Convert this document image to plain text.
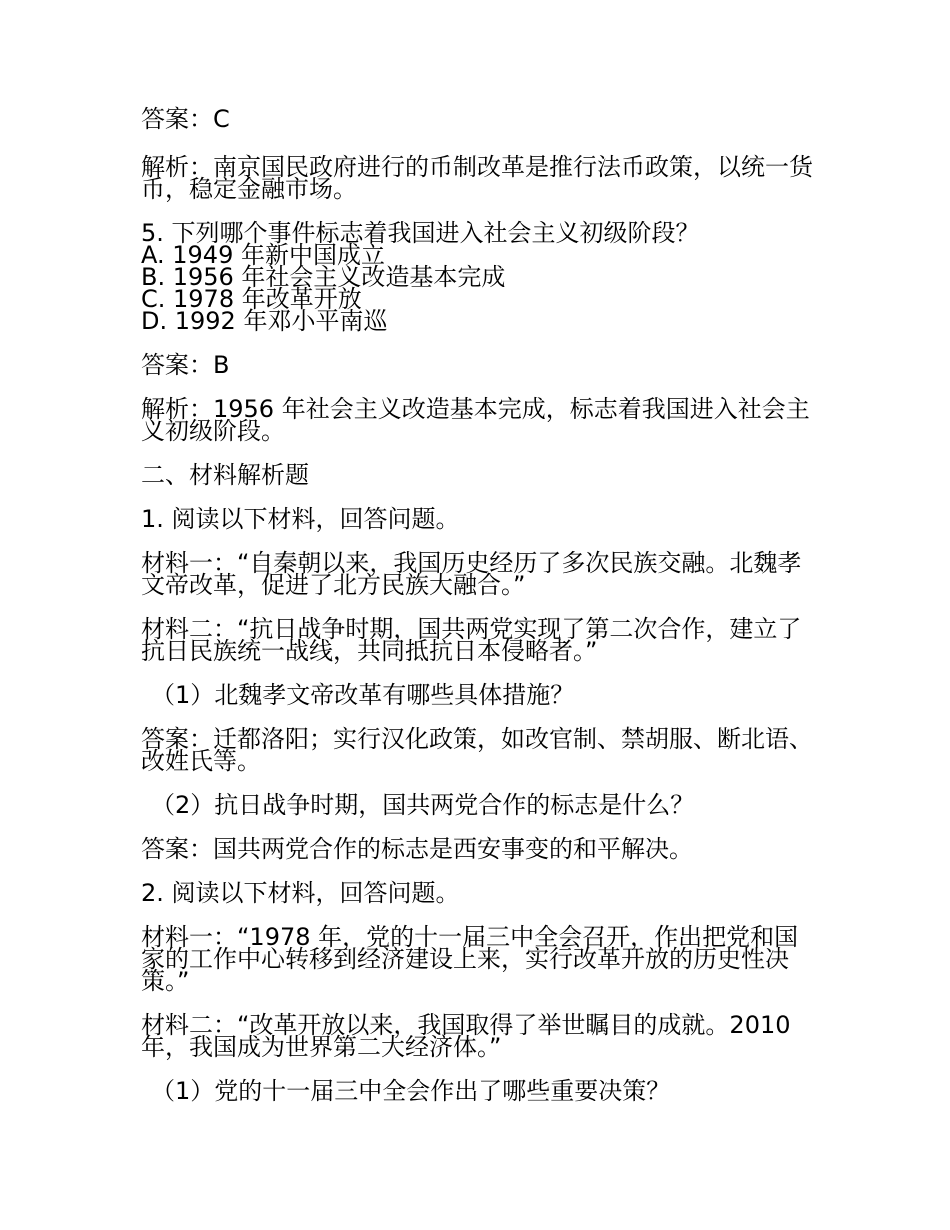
答案：C

解析：南京国民政府进行的币制改革是推行法币政策，以统一货币，稳定金融市场。

5. 下列哪个事件标志着我国进入社会主义初级阶段？

A. 1949 年新中国成立

B. 1956 年社会主义改造基本完成

C. 1978 年改革开放

D. 1992 年邓小平南巡

答案：B

解析：1956 年社会主义改造基本完成，标志着我国进入社会主义初级阶段。

二、材料解析题

1. 阅读以下材料，回答问题。

材料一：“自秦朝以来，我国历史经历了多次民族交融。北魏孝文帝改革，促进了北方民族大融合。”

材料二：“抗日战争时期，国共两党实现了第二次合作，建立了抗日民族统一战线，共同抵抗日本侵略者。”

（1）北魏孝文帝改革有哪些具体措施？

答案：迁都洛阳；实行汉化政策，如改官制、禁胡服、断北语、改姓氏等。

（2）抗日战争时期，国共两党合作的标志是什么？

答案：国共两党合作的标志是西安事变的和平解决。

2. 阅读以下材料，回答问题。

材料一：“1978 年，党的十一届三中全会召开，作出把党和国家的工作中心转移到经济建设上来，实行改革开放的历史性决策。”

材料二：“改革开放以来，我国取得了举世瞩目的成就。2010 年，我国成为世界第二大经济体。”

（1）党的十一届三中全会作出了哪些重要决策？
